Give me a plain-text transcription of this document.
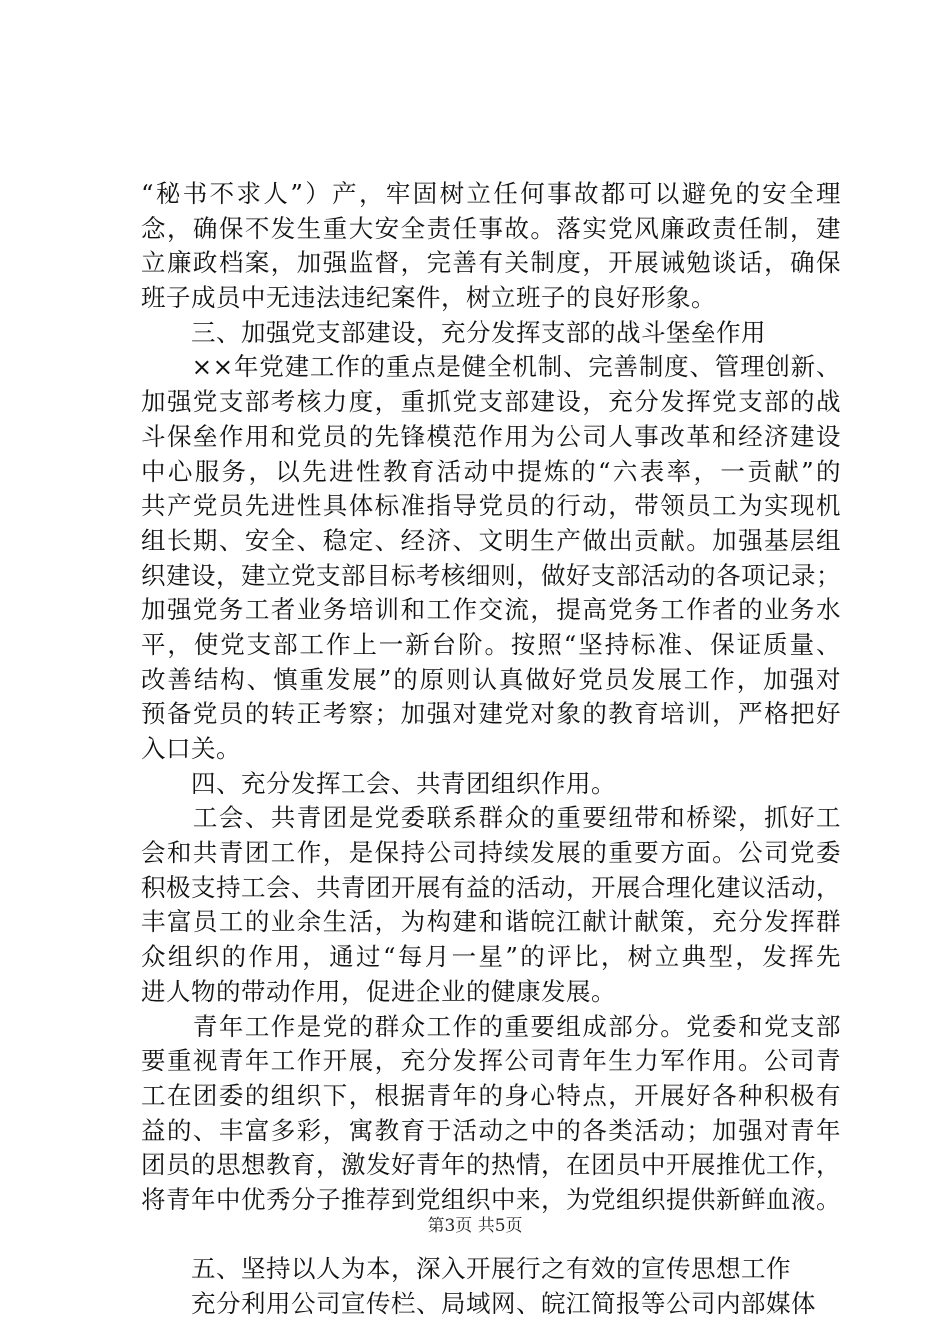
“秘书不求人”）产，牢固树立任何事故都可以避免的安全理
念，确保不发生重大安全责任事故。落实党风廉政责任制，建
立廉政档案，加强监督，完善有关制度，开展诫勉谈话，确保
班子成员中无违法违纪案件，树立班子的良好形象。
　　三、加强党支部建设，充分发挥支部的战斗堡垒作用
　　××年党建工作的重点是健全机制、完善制度、管理创新、
加强党支部考核力度，重抓党支部建设，充分发挥党支部的战
斗保垒作用和党员的先锋模范作用为公司人事改革和经济建设
中心服务，以先进性教育活动中提炼的“六表率，一贡献”的
共产党员先进性具体标准指导党员的行动，带领员工为实现机
组长期、安全、稳定、经济、文明生产做出贡献。加强基层组
织建设，建立党支部目标考核细则，做好支部活动的各项记录；
加强党务工者业务培训和工作交流，提高党务工作者的业务水
平，使党支部工作上一新台阶。按照“坚持标准、保证质量、
改善结构、慎重发展”的原则认真做好党员发展工作，加强对
预备党员的转正考察；加强对建党对象的教育培训，严格把好
入口关。
　　四、充分发挥工会、共青团组织作用。
　　工会、共青团是党委联系群众的重要纽带和桥梁，抓好工
会和共青团工作，是保持公司持续发展的重要方面。公司党委
积极支持工会、共青团开展有益的活动，开展合理化建议活动，
丰富员工的业余生活，为构建和谐皖江献计献策，充分发挥群
众组织的作用，通过“每月一星”的评比，树立典型，发挥先
进人物的带动作用，促进企业的健康发展。
　　青年工作是党的群众工作的重要组成部分。党委和党支部
要重视青年工作开展，充分发挥公司青年生力军作用。公司青
工在团委的组织下，根据青年的身心特点，开展好各种积极有
益的、丰富多彩，寓教育于活动之中的各类活动；加强对青年
团员的思想教育，激发好青年的热情，在团员中开展推优工作，
将青年中优秀分子推荐到党组织中来，为党组织提供新鲜血液。
　　五、坚持以人为本，深入开展行之有效的宣传思想工作
　　充分利用公司宣传栏、局域网、皖江简报等公司内部媒体
第3页 共5页
